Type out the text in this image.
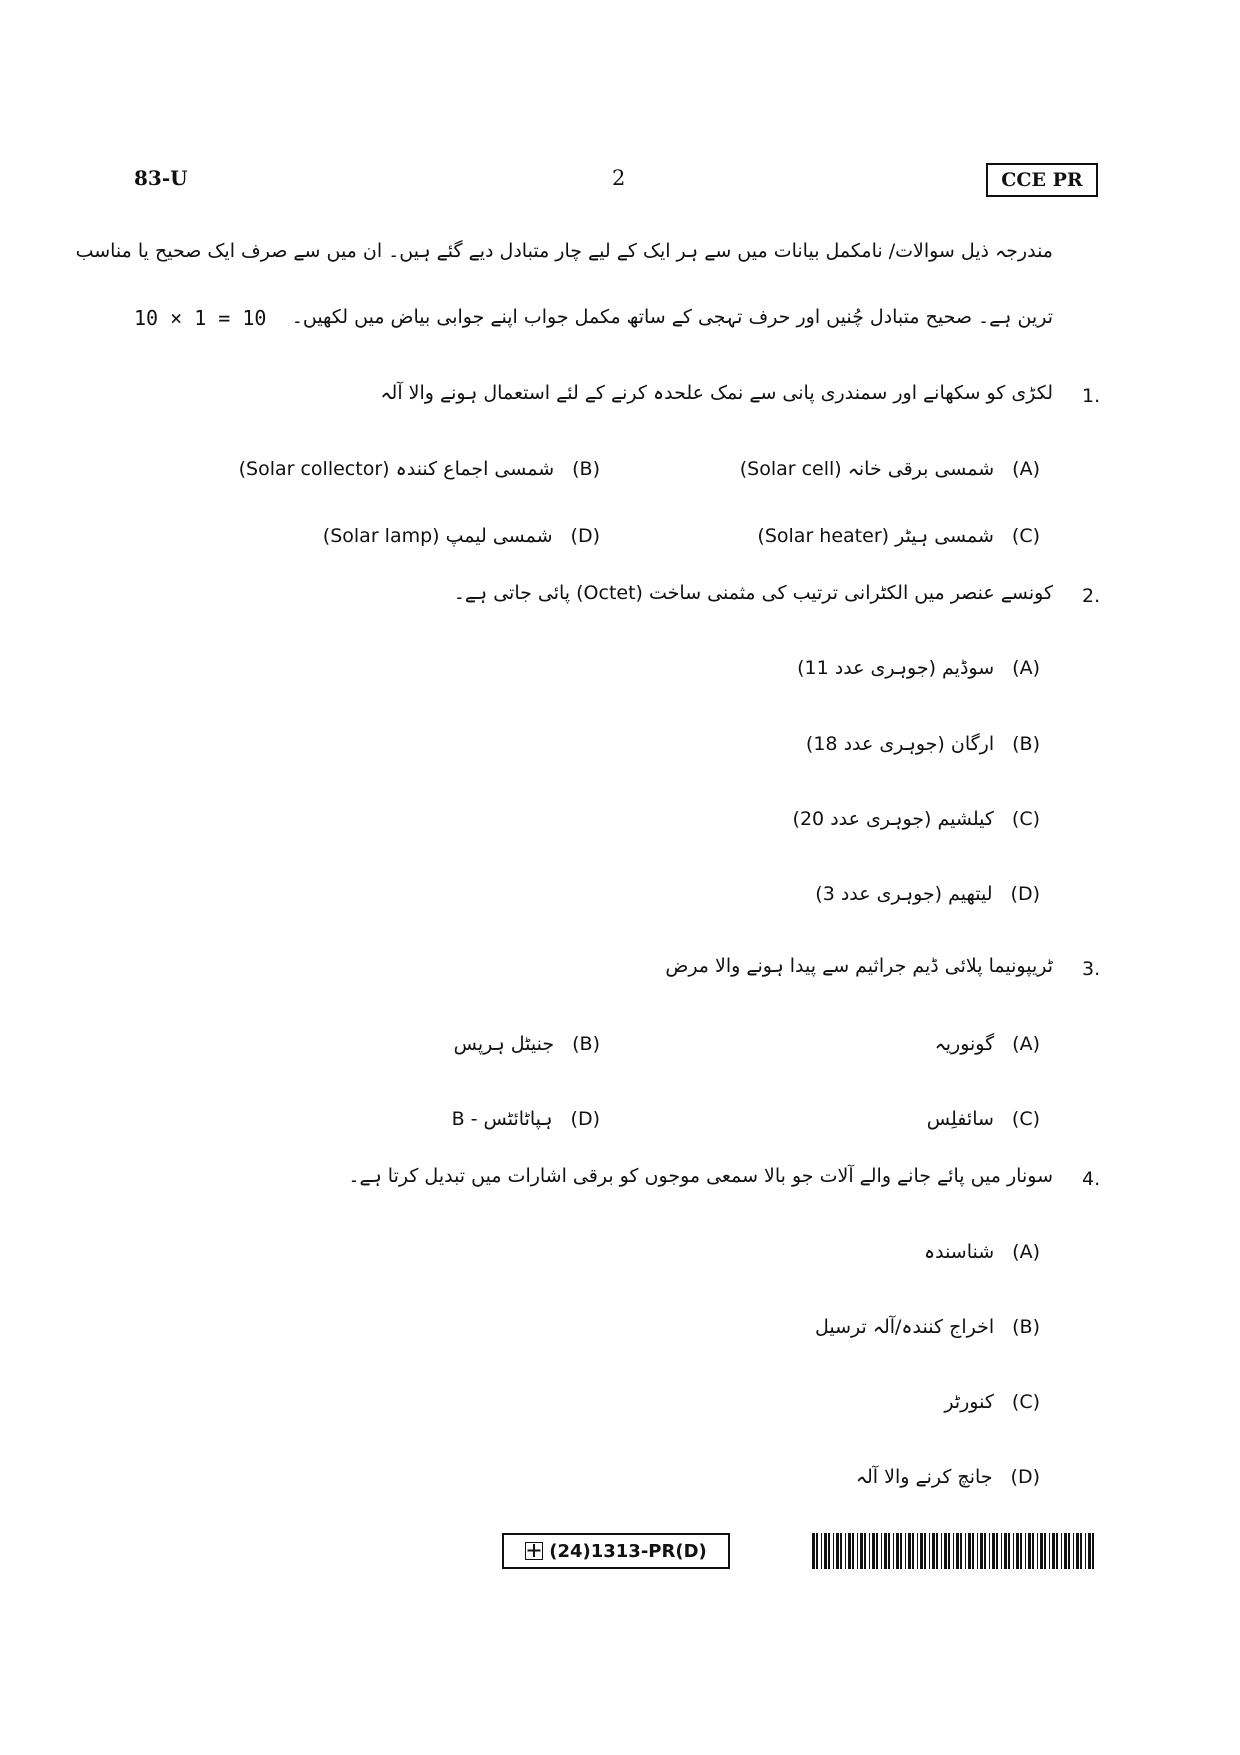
83-U	2	CCE PR
مندرجہ ذیل سوالات/ نامکمل بیانات میں سے ہر ایک کے لیے چار متبادل دیے گئے ہیں۔ ان میں سے صرف ایک صحیح یا مناسب
ترین ہے۔ صحیح متبادل چُنیں اور حرف تہجی کے ساتھ مکمل جواب اپنے جوابی بیاض میں لکھیں۔
10 × 1 = 10
1.
لکڑی کو سکھانے اور سمندری پانی سے نمک علحدہ کرنے کے لئے استعمال ہونے والا آلہ
(A)
شمسی برقی خانہ (Solar cell)
(B)
شمسی اجماع کنندہ (Solar collector)
(C)
شمسی ہیٹر (Solar heater)
(D)
شمسی لیمپ (Solar lamp)
2.
کونسے عنصر میں الکٹرانی ترتیب کی مثمنی ساخت (Octet) پائی جاتی ہے۔
(A)
سوڈیم (جوہری عدد 11)
(B)
ارگان (جوہری عدد 18)
(C)
کیلشیم (جوہری عدد 20)
(D)
لیتھیم (جوہری عدد 3)
3.
ٹریپونیما پلائی ڈیم جراثیم سے پیدا ہونے والا مرض
(A)
گونوریہ
(B)
جنیٹل ہرپس
(C)
سائفلِس
(D)
ہپاٹائٹس - B
4.
سونار میں پائے جانے والے آلات جو بالا سمعی موجوں کو برقی اشارات میں تبدیل کرتا ہے۔
(A)
شناسندہ
(B)
اخراج کنندہ/آلہ ترسیل
(C)
کنورٹر
(D)
جانچ کرنے والا آلہ
(24)1313-PR(D)
